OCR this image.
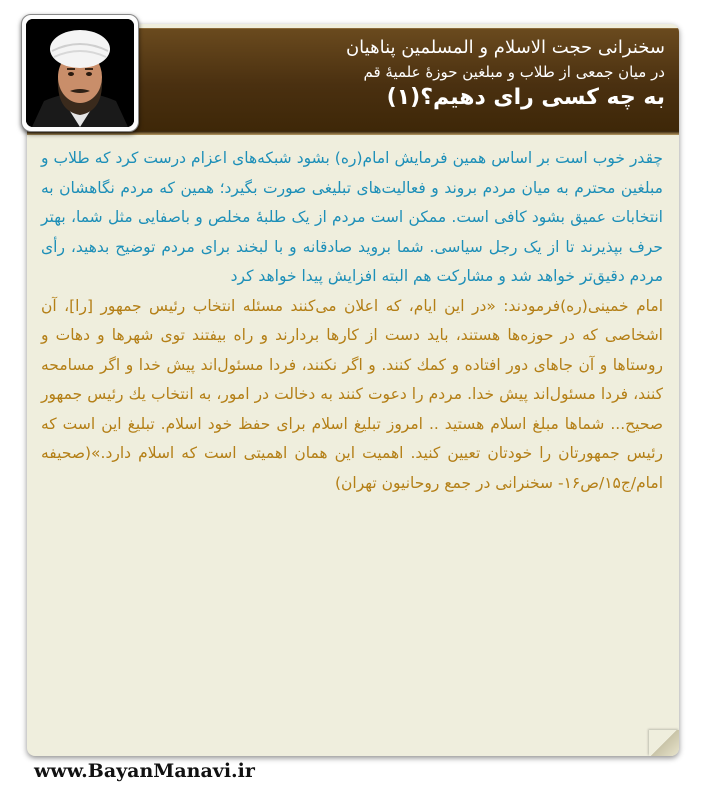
سخنرانی حجت الاسلام و المسلمین پناهیان
در میان جمعی از طلاب و مبلغین حوزهٔ علمیهٔ قم
به چه کسی رای دهیم؟(۱)

چقدر خوب است بر اساس همین فرمایش امام(ره) بشود شبکه‌های اعزام درست کرد که طلاب و مبلغین محترم به میان مردم بروند و فعالیت‌های تبلیغی صورت بگیرد؛ همین که مردم نگاهشان به انتخابات عمیق بشود کافی است. ممکن است مردم از یک طلبهٔ مخلص و باصفایی مثل شما، بهتر حرف بپذیرند تا از یک رجل سیاسی. شما بروید صادقانه و با لبخند برای مردم توضیح بدهید، رأی مردم دقیق‌تر خواهد شد و مشارکت هم البته افزایش پیدا خواهد کرد

امام خمینی(ره)فرمودند: «در این ایام، که اعلان می‌کنند مسئله انتخاب رئیس جمهور [را]، آن اشخاصی که در حوزه‌ها هستند، باید دست از کارها بردارند و راه بیفتند توی شهرها و دهات و روستاها و آن جاهای دور افتاده و کمك كنند. و اگر نکنند، فردا مسئول‌اند پیش خدا و اگر مسامحه کنند، فردا مسئول‌اند پیش خدا. مردم را دعوت کنند به دخالت در امور، به انتخاب یك رئیس جمهور صحیح... شماها مبلغ اسلام هستید .. امروز تبلیغ اسلام برای حفظ خود اسلام. تبلیغ این است که رئیس جمهورتان را خودتان تعیین کنید. اهمیت این همان اهمیتی است که اسلام دارد.»(صحیفه امام/ج۱۵/ص۱۶- سخنرانی در جمع روحانیون تهران)

www.BayanManavi.ir
